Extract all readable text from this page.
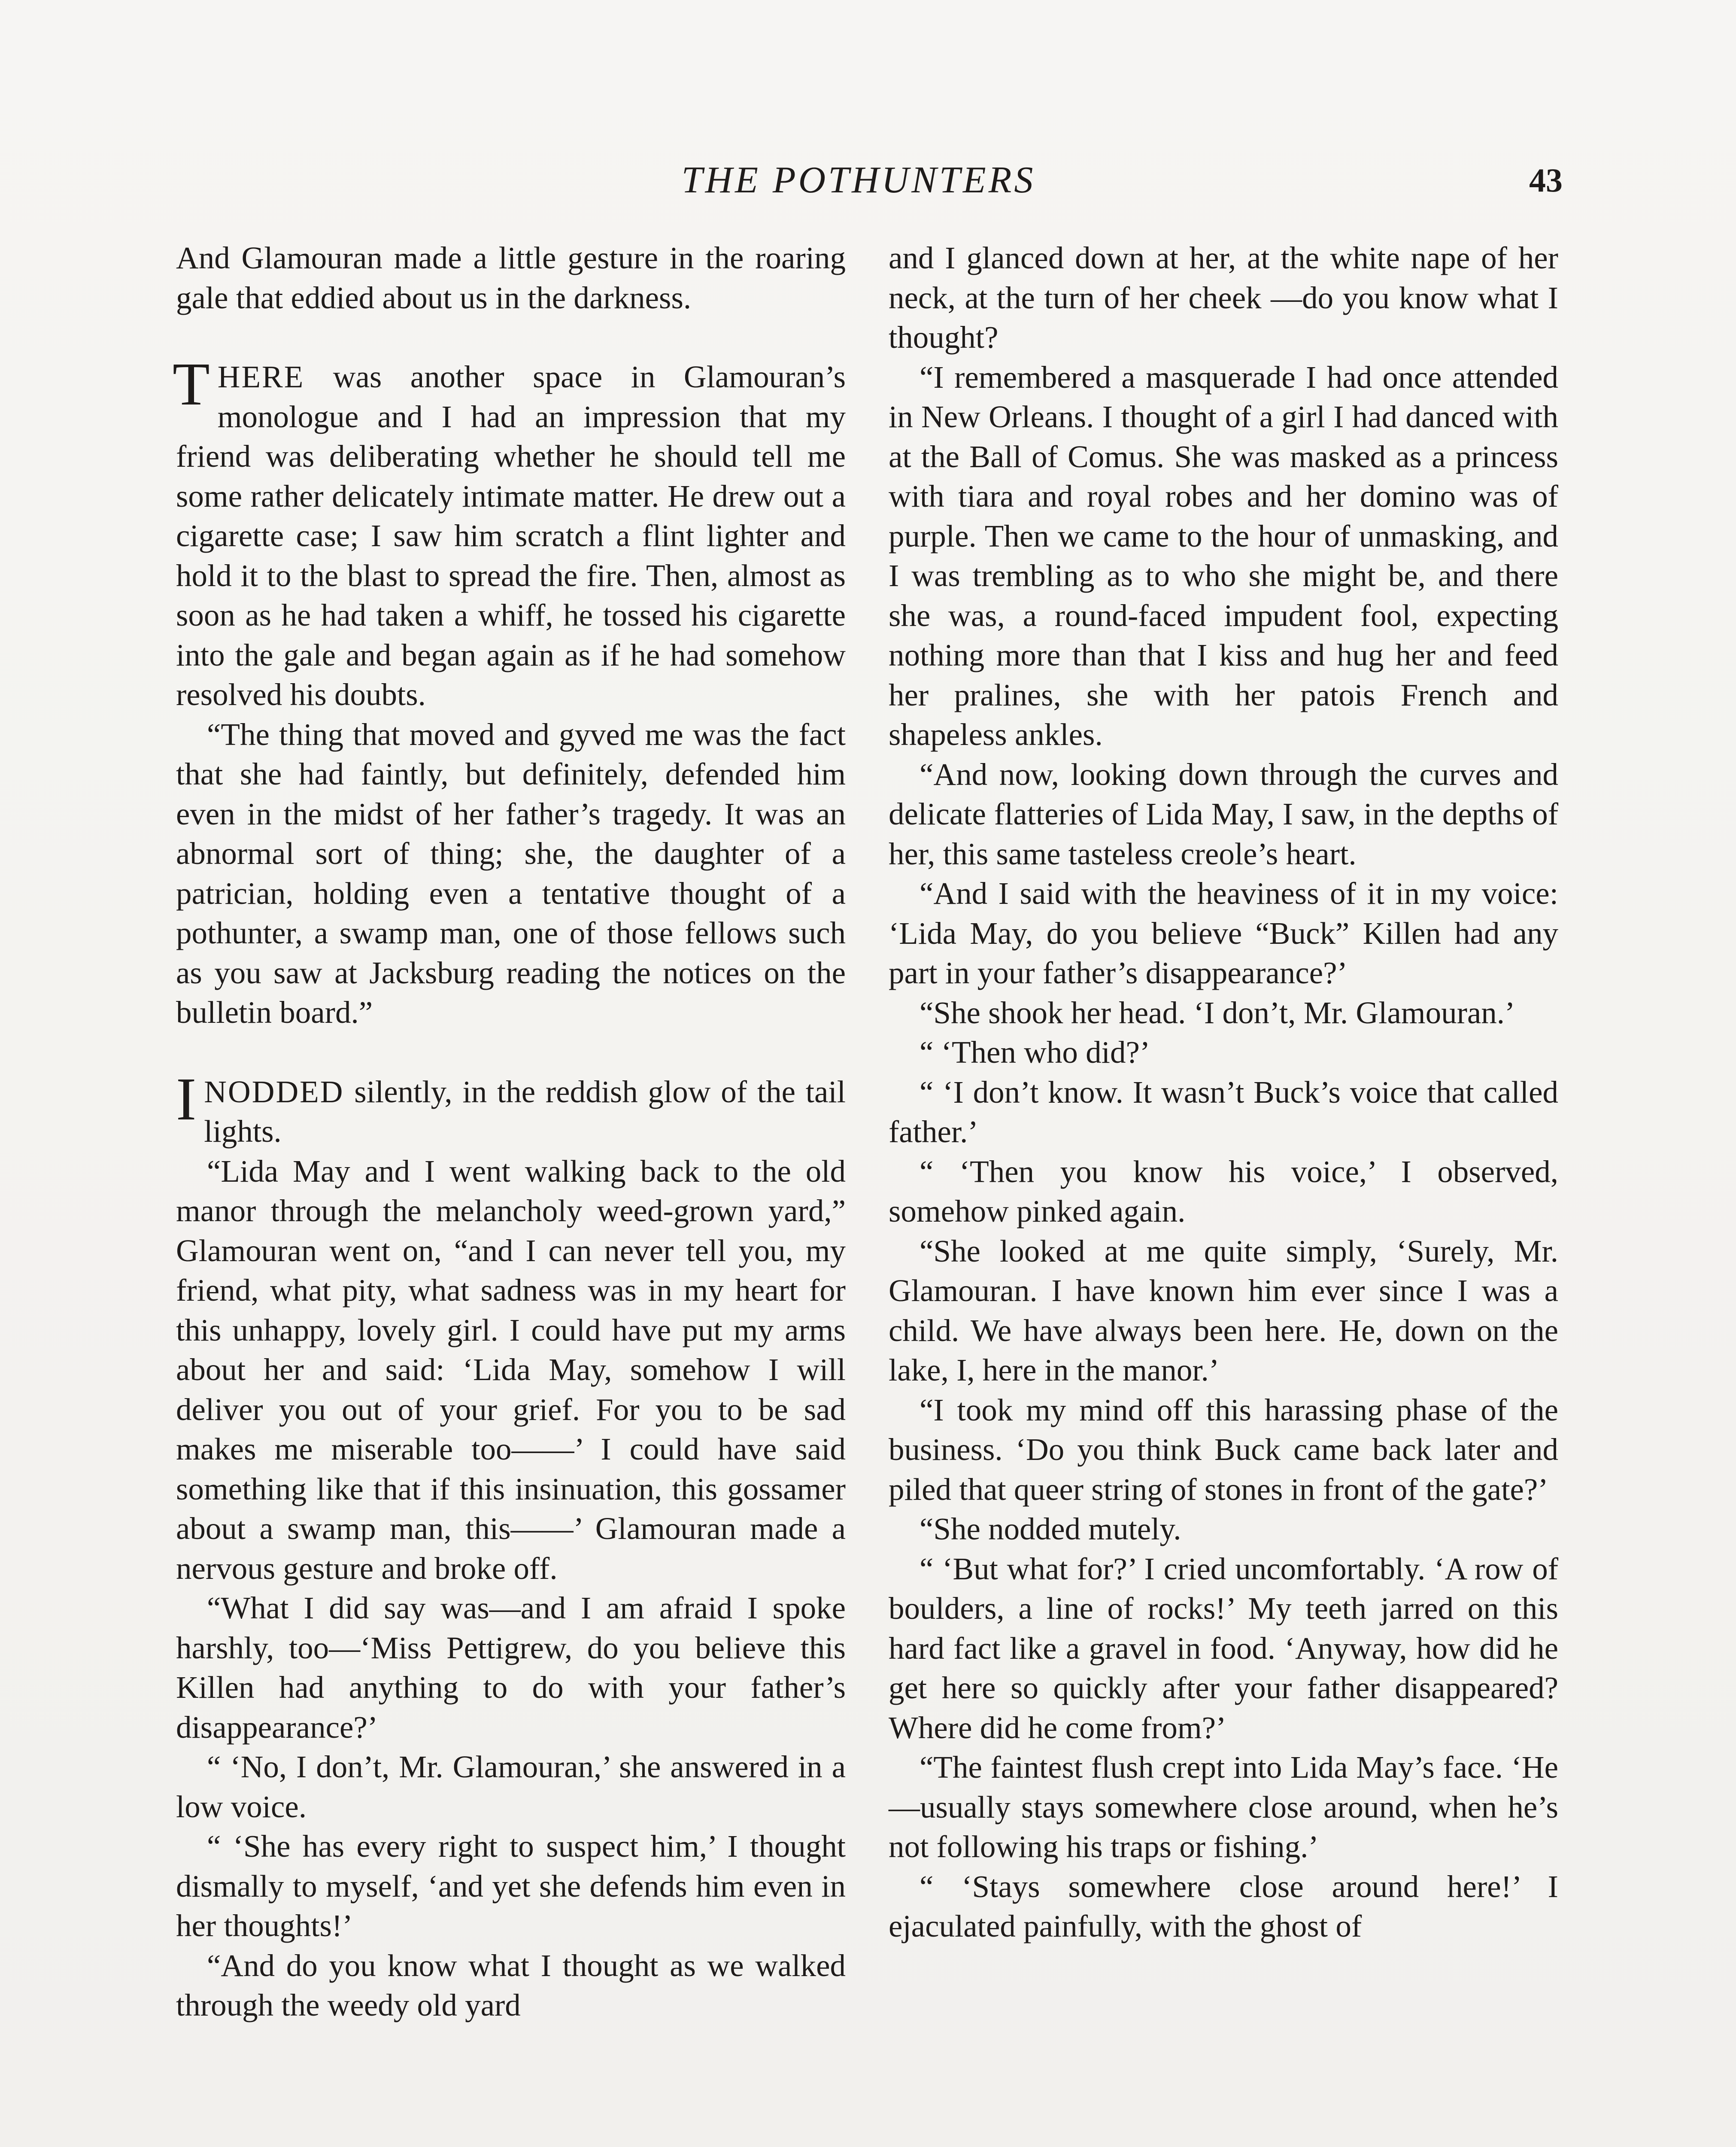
THE POTHUNTERS	43

And Glamouran made a little gesture in the roaring gale that eddied about us in the darkness.

THERE was another space in Glamouran’s monologue and I had an impression that my friend was deliberating whether he should tell me some rather delicately intimate matter. He drew out a cigarette case; I saw him scratch a flint lighter and hold it to the blast to spread the fire. Then, almost as soon as he had taken a whiff, he tossed his cigarette into the gale and began again as if he had somehow resolved his doubts.

“The thing that moved and gyved me was the fact that she had faintly, but definitely, defended him even in the midst of her father’s tragedy. It was an abnormal sort of thing; she, the daughter of a patrician, holding even a tentative thought of a pothunter, a swamp man, one of those fellows such as you saw at Jacksburg reading the notices on the bulletin board.”

INODDED silently, in the reddish glow of the tail lights.

“Lida May and I went walking back to the old manor through the melancholy weed-grown yard,” Glamouran went on, “and I can never tell you, my friend, what pity, what sadness was in my heart for this unhappy, lovely girl. I could have put my arms about her and said: ‘Lida May, somehow I will deliver you out of your grief. For you to be sad makes me miserable too——’ I could have said something like that if this insinuation, this gossamer about a swamp man, this——’ Glamouran made a nervous gesture and broke off.

“What I did say was—and I am afraid I spoke harshly, too—‘Miss Pettigrew, do you believe this Killen had anything to do with your father’s disappearance?’

“ ‘No, I don’t, Mr. Glamouran,’ she answered in a low voice.

“ ‘She has every right to suspect him,’ I thought dismally to myself, ‘and yet she defends him even in her thoughts!’

“And do you know what I thought as we walked through the weedy old yard

and I glanced down at her, at the white nape of her neck, at the turn of her cheek —do you know what I thought?

“I remembered a masquerade I had once attended in New Orleans. I thought of a girl I had danced with at the Ball of Comus. She was masked as a princess with tiara and royal robes and her domino was of purple. Then we came to the hour of unmasking, and I was trembling as to who she might be, and there she was, a round-faced impudent fool, expecting nothing more than that I kiss and hug her and feed her pralines, she with her patois French and shapeless ankles.

“And now, looking down through the curves and delicate flatteries of Lida May, I saw, in the depths of her, this same tasteless creole’s heart.

“And I said with the heaviness of it in my voice: ‘Lida May, do you believe “Buck” Killen had any part in your father’s disappearance?’

“She shook her head. ‘I don’t, Mr. Glamouran.’

“ ‘Then who did?’

“ ‘I don’t know. It wasn’t Buck’s voice that called father.’

“ ‘Then you know his voice,’ I observed, somehow pinked again.

“She looked at me quite simply, ‘Surely, Mr. Glamouran. I have known him ever since I was a child. We have always been here. He, down on the lake, I, here in the manor.’

“I took my mind off this harassing phase of the business. ‘Do you think Buck came back later and piled that queer string of stones in front of the gate?’

“She nodded mutely.

“ ‘But what for?’ I cried uncomfortably. ‘A row of boulders, a line of rocks!’ My teeth jarred on this hard fact like a gravel in food. ‘Anyway, how did he get here so quickly after your father disappeared? Where did he come from?’

“The faintest flush crept into Lida May’s face. ‘He—usually stays somewhere close around, when he’s not following his traps or fishing.’

“ ‘Stays somewhere close around here!’ I ejaculated painfully, with the ghost of
